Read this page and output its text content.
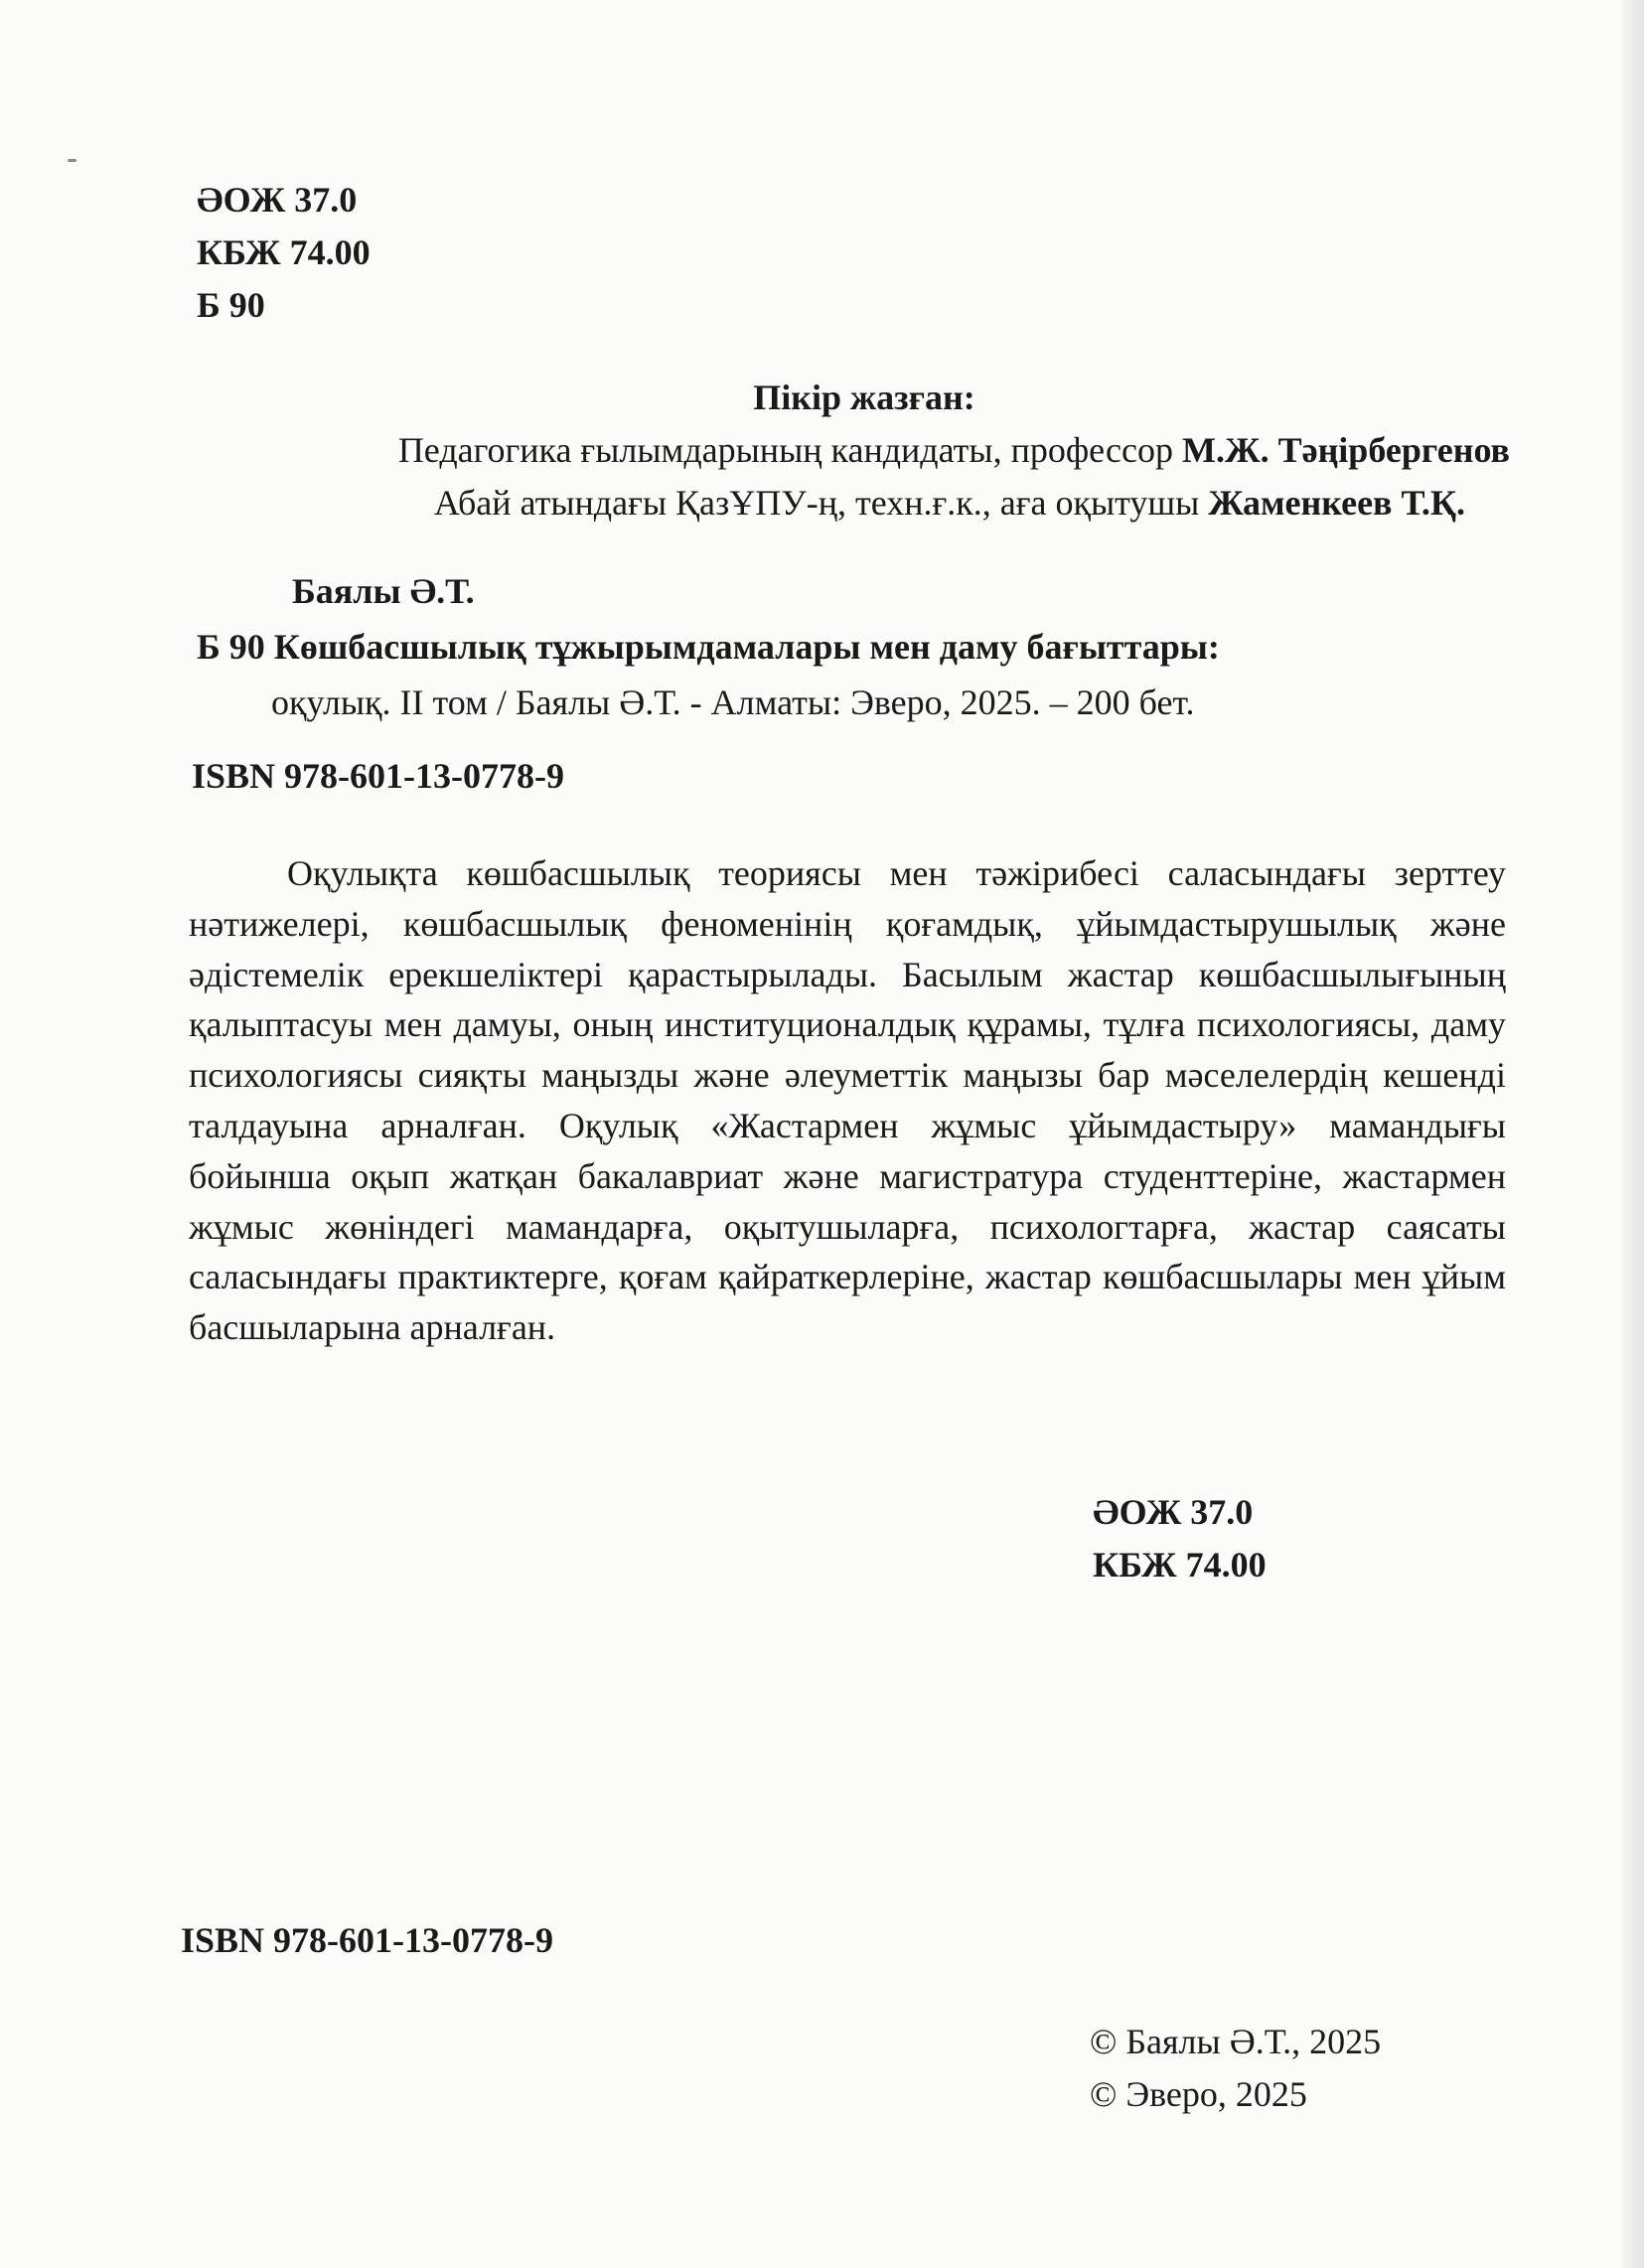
ӘОЖ 37.0
КБЖ 74.00
Б 90
Пікір жазған:
Педагогика ғылымдарының кандидаты, профессор М.Ж. Тәңірбергенов
Абай атындағы ҚазҰПУ-ң, техн.ғ.к., аға оқытушы Жаменкеев Т.Қ.
Баялы Ә.Т.
Б 90 Көшбасшылық тұжырымдамалары мен даму бағыттары:
оқулық. II том / Баялы Ә.Т. - Алматы: Эверо, 2025. – 200 бет.
ISBN 978-601-13-0778-9

Оқулықта көшбасшылық теориясы мен тәжірибесі саласындағы зерттеу нәтижелері, көшбасшылық феноменінің қоғамдық, ұйымдастырушылық және әдістемелік ерекшеліктері қарастырылады. Басылым жастар көшбасшылығының қалыптасуы мен дамуы, оның институционалдық құрамы, тұлға психологиясы, даму психологиясы сияқты маңызды және әлеуметтік маңызы бар мәселелердің кешенді талдауына арналған. Оқулық «Жастармен жұмыс ұйымдастыру» мамандығы бойынша оқып жатқан бакалавриат және магистратура студенттеріне, жастармен жұмыс жөніндегі мамандарға, оқытушыларға, психологтарға, жастар саясаты саласындағы практиктерге, қоғам қайраткерлеріне, жастар көшбасшылары мен ұйым басшыларына арналған.

ӘОЖ 37.0
КБЖ 74.00
ISBN 978-601-13-0778-9
© Баялы Ә.Т., 2025
© Эверо, 2025
